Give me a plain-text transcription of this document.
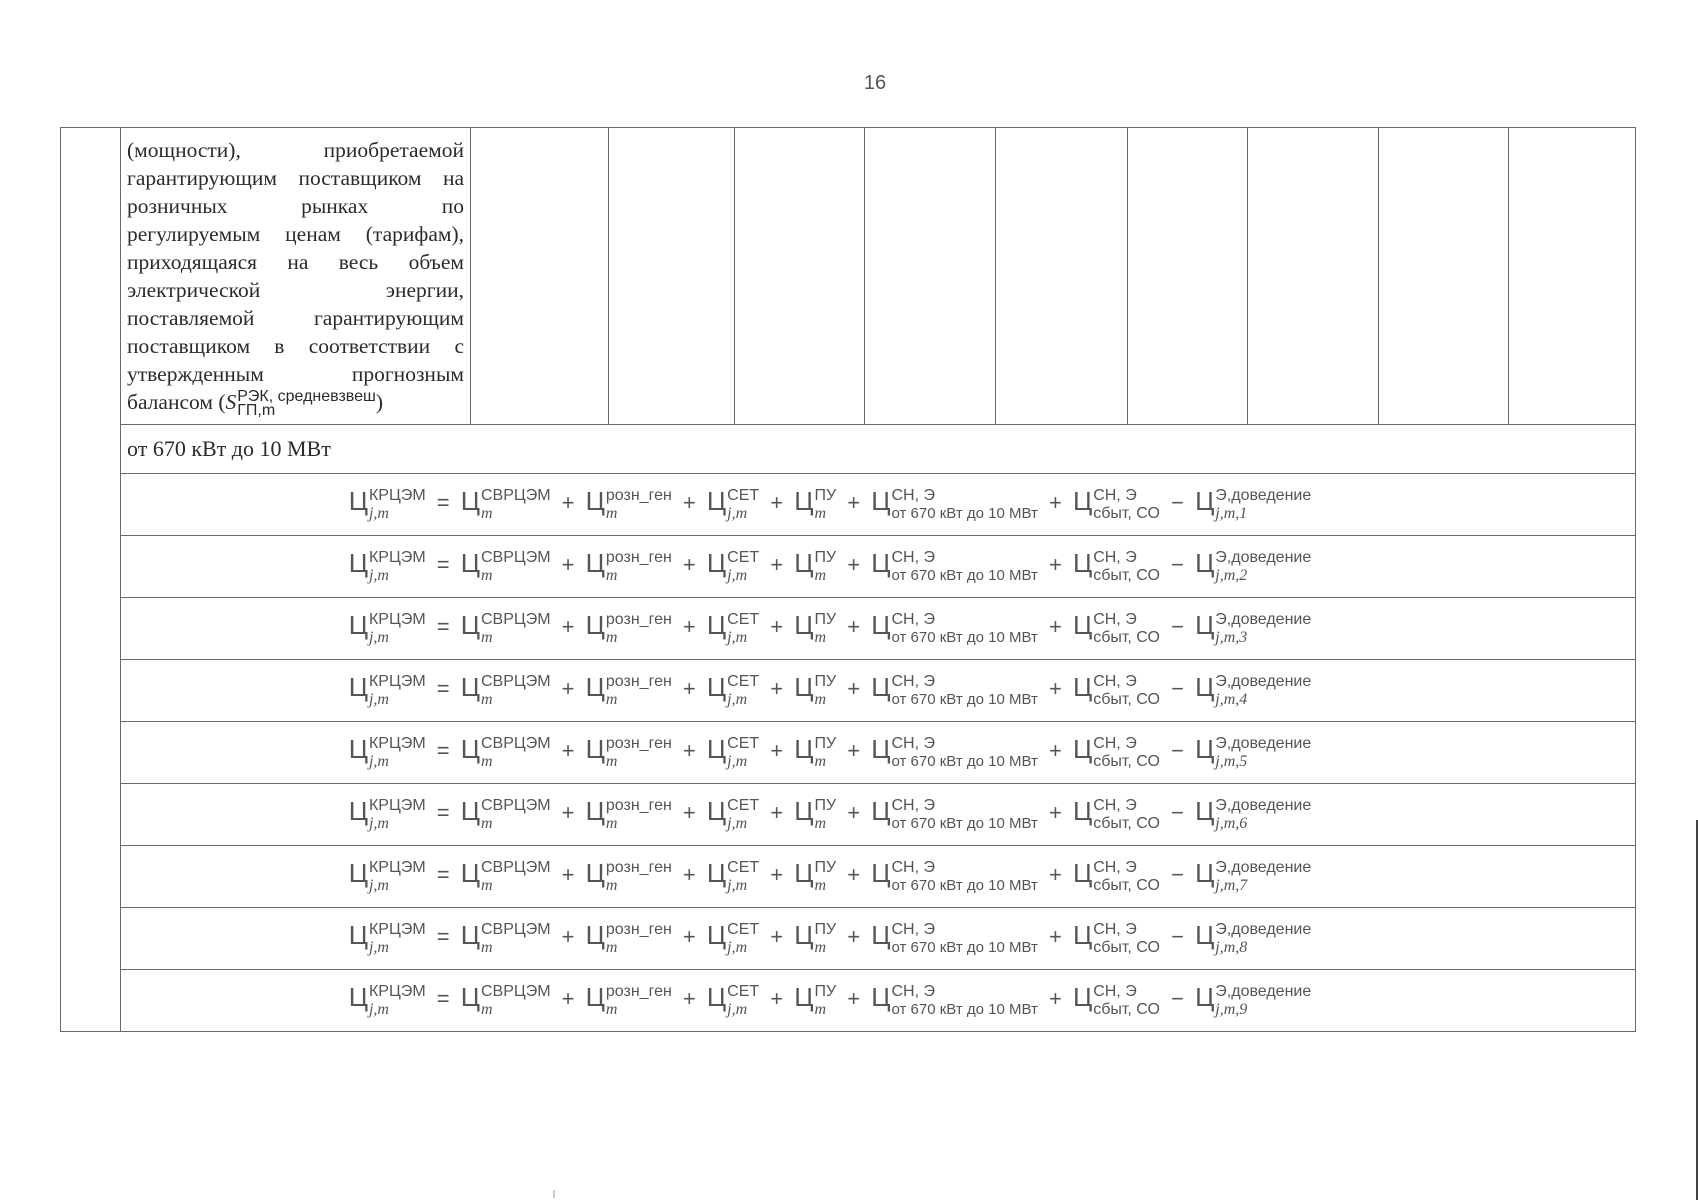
16

(мощности), приобретаемой гарантирующим поставщиком на розничных рынках по регулируемым ценам (тарифам), приходящаяся на весь объем электрической энергии, поставляемой гарантирующим поставщиком в соответствии с утвержденным прогнозным балансом (S РЭК, средневзвеш
ГП,m	)

от 670 кВт до 10 МВт
Ц КРЦЭМ
j,m	= Ц СВРЦЭМ
m	+ Ц розн_ген
m	+ Ц СЕТ
j,m	+ Ц ПУ
m + Ц СН, Э
от 670 кВт до 10 МВт + Ц СН, Э
сбыт, СО − Ц Э,доведение
j,m,1

Ц КРЦЭМ
j,m	= Ц СВРЦЭМ
m	+ Ц розн_ген
m	+ Ц СЕТ
j,m	+ Ц ПУ
m + Ц СН, Э
от 670 кВт до 10 МВт + Ц СН, Э
сбыт, СО − Ц Э,доведение
j,m,2

Ц КРЦЭМ
j,m	= Ц СВРЦЭМ
m	+ Ц розн_ген
m	+ Ц СЕТ
j,m	+ Ц ПУ
m + Ц СН, Э
от 670 кВт до 10 МВт + Ц СН, Э
сбыт, СО − Ц Э,доведение
j,m,3

Ц КРЦЭМ
j,m	= Ц СВРЦЭМ
m	+ Ц розн_ген
m	+ Ц СЕТ
j,m	+ Ц ПУ
m + Ц СН, Э
от 670 кВт до 10 МВт + Ц СН, Э
сбыт, СО − Ц Э,доведение
j,m,4

Ц КРЦЭМ
j,m	= Ц СВРЦЭМ
m	+ Ц розн_ген
m	+ Ц СЕТ
j,m	+ Ц ПУ
m + Ц СН, Э
от 670 кВт до 10 МВт + Ц СН, Э
сбыт, СО − Ц Э,доведение
j,m,5

Ц КРЦЭМ
j,m	= Ц СВРЦЭМ
m	+ Ц розн_ген
m	+ Ц СЕТ
j,m	+ Ц ПУ
m + Ц СН, Э
от 670 кВт до 10 МВт + Ц СН, Э
сбыт, СО − Ц Э,доведение
j,m,6

Ц КРЦЭМ
j,m	= Ц СВРЦЭМ
m	+ Ц розн_ген
m	+ Ц СЕТ
j,m	+ Ц ПУ
m + Ц СН, Э
от 670 кВт до 10 МВт + Ц СН, Э
сбыт, СО − Ц Э,доведение
j,m,7

Ц КРЦЭМ
j,m	= Ц СВРЦЭМ
m	+ Ц розн_ген
m	+ Ц СЕТ
j,m	+ Ц ПУ
m + Ц СН, Э
от 670 кВт до 10 МВт + Ц СН, Э
сбыт, СО − Ц Э,доведение
j,m,8

Ц КРЦЭМ
j,m	= Ц СВРЦЭМ
m	+ Ц розн_ген
m	+ Ц СЕТ
j,m	+ Ц ПУ
m + Ц СН, Э
от 670 кВт до 10 МВт + Ц СН, Э
сбыт, СО − Ц Э,доведение
j,m,9
